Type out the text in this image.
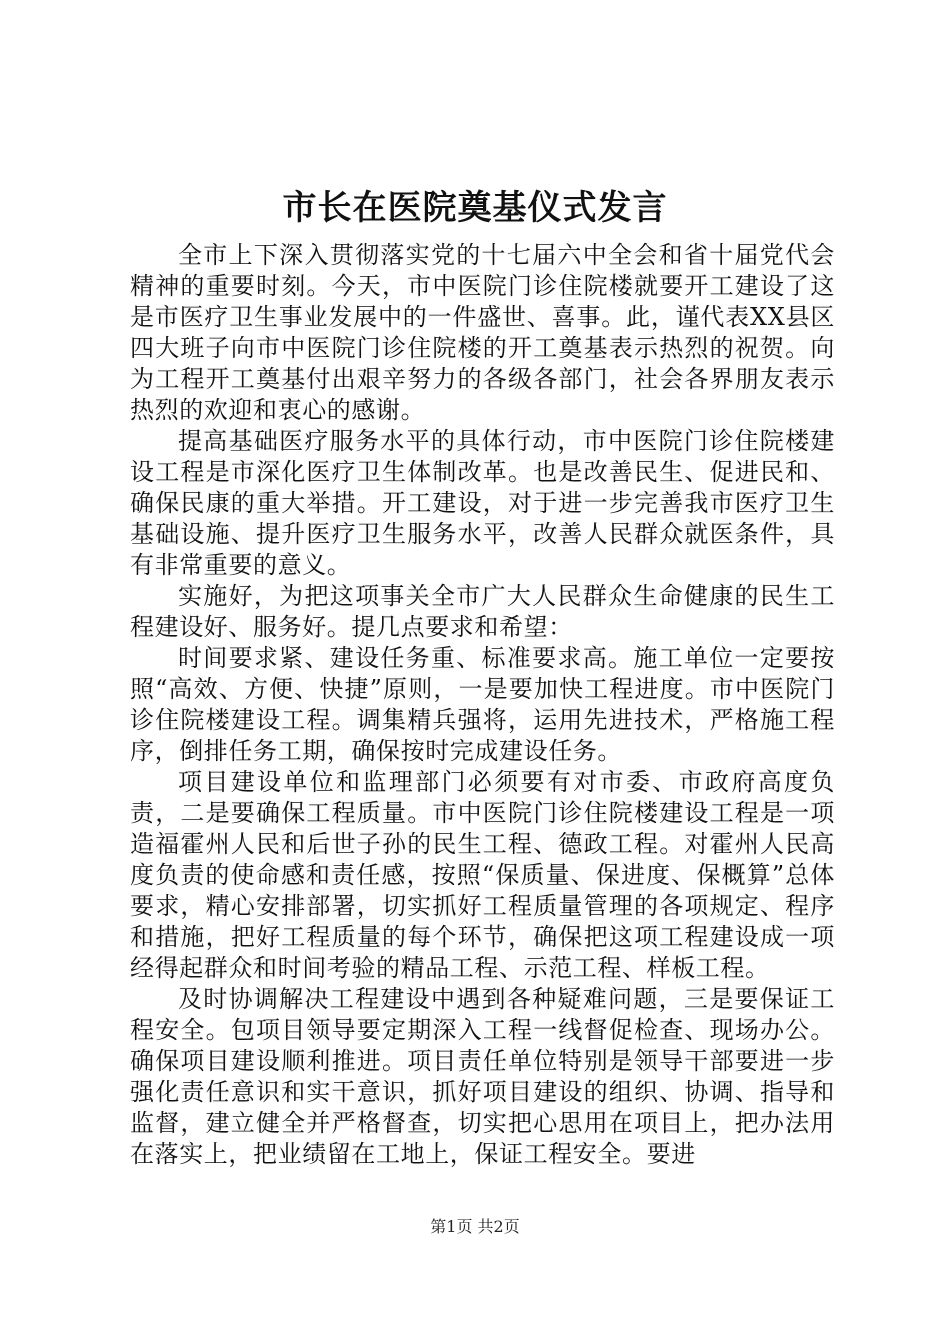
市长在医院奠基仪式发言

全市上下深入贯彻落实党的十七届六中全会和省十届党代会精神的重要时刻。今天，市中医院门诊住院楼就要开工建设了这是市医疗卫生事业发展中的一件盛世、喜事。此，谨代表XX县区四大班子向市中医院门诊住院楼的开工奠基表示热烈的祝贺。向为工程开工奠基付出艰辛努力的各级各部门，社会各界朋友表示热烈的欢迎和衷心的感谢。

提高基础医疗服务水平的具体行动，市中医院门诊住院楼建设工程是市深化医疗卫生体制改革。也是改善民生、促进民和、确保民康的重大举措。开工建设，对于进一步完善我市医疗卫生基础设施、提升医疗卫生服务水平，改善人民群众就医条件，具有非常重要的意义。

实施好，为把这项事关全市广大人民群众生命健康的民生工程建设好、服务好。提几点要求和希望：

时间要求紧、建设任务重、标准要求高。施工单位一定要按照“高效、方便、快捷”原则，一是要加快工程进度。市中医院门诊住院楼建设工程。调集精兵强将，运用先进技术，严格施工程序，倒排任务工期，确保按时完成建设任务。

项目建设单位和监理部门必须要有对市委、市政府高度负责，二是要确保工程质量。市中医院门诊住院楼建设工程是一项造福霍州人民和后世子孙的民生工程、德政工程。对霍州人民高度负责的使命感和责任感，按照“保质量、保进度、保概算”总体要求，精心安排部署，切实抓好工程质量管理的各项规定、程序和措施，把好工程质量的每个环节，确保把这项工程建设成一项经得起群众和时间考验的精品工程、示范工程、样板工程。

及时协调解决工程建设中遇到各种疑难问题，三是要保证工程安全。包项目领导要定期深入工程一线督促检查、现场办公。确保项目建设顺利推进。项目责任单位特别是领导干部要进一步强化责任意识和实干意识，抓好项目建设的组织、协调、指导和监督，建立健全并严格督查，切实把心思用在项目上，把办法用在落实上，把业绩留在工地上，保证工程安全。要进

第1页 共2页
